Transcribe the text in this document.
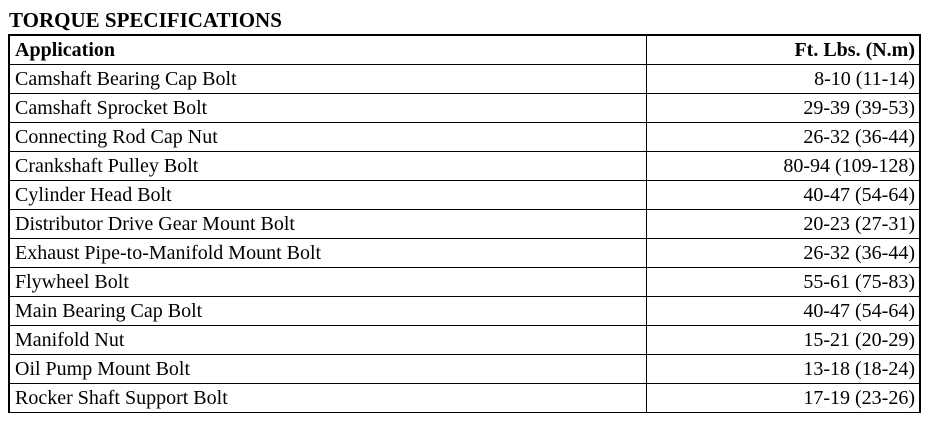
TORQUE SPECIFICATIONS
Application	Ft. Lbs. (N.m)
Camshaft Bearing Cap Bolt	8-10 (11-14)
Camshaft Sprocket Bolt	29-39 (39-53)
Connecting Rod Cap Nut	26-32 (36-44)
Crankshaft Pulley Bolt	80-94 (109-128)
Cylinder Head Bolt	40-47 (54-64)
Distributor Drive Gear Mount Bolt	20-23 (27-31)
Exhaust Pipe-to-Manifold Mount Bolt	26-32 (36-44)
Flywheel Bolt	55-61 (75-83)
Main Bearing Cap Bolt	40-47 (54-64)
Manifold Nut	15-21 (20-29)
Oil Pump Mount Bolt	13-18 (18-24)
Rocker Shaft Support Bolt	17-19 (23-26)
